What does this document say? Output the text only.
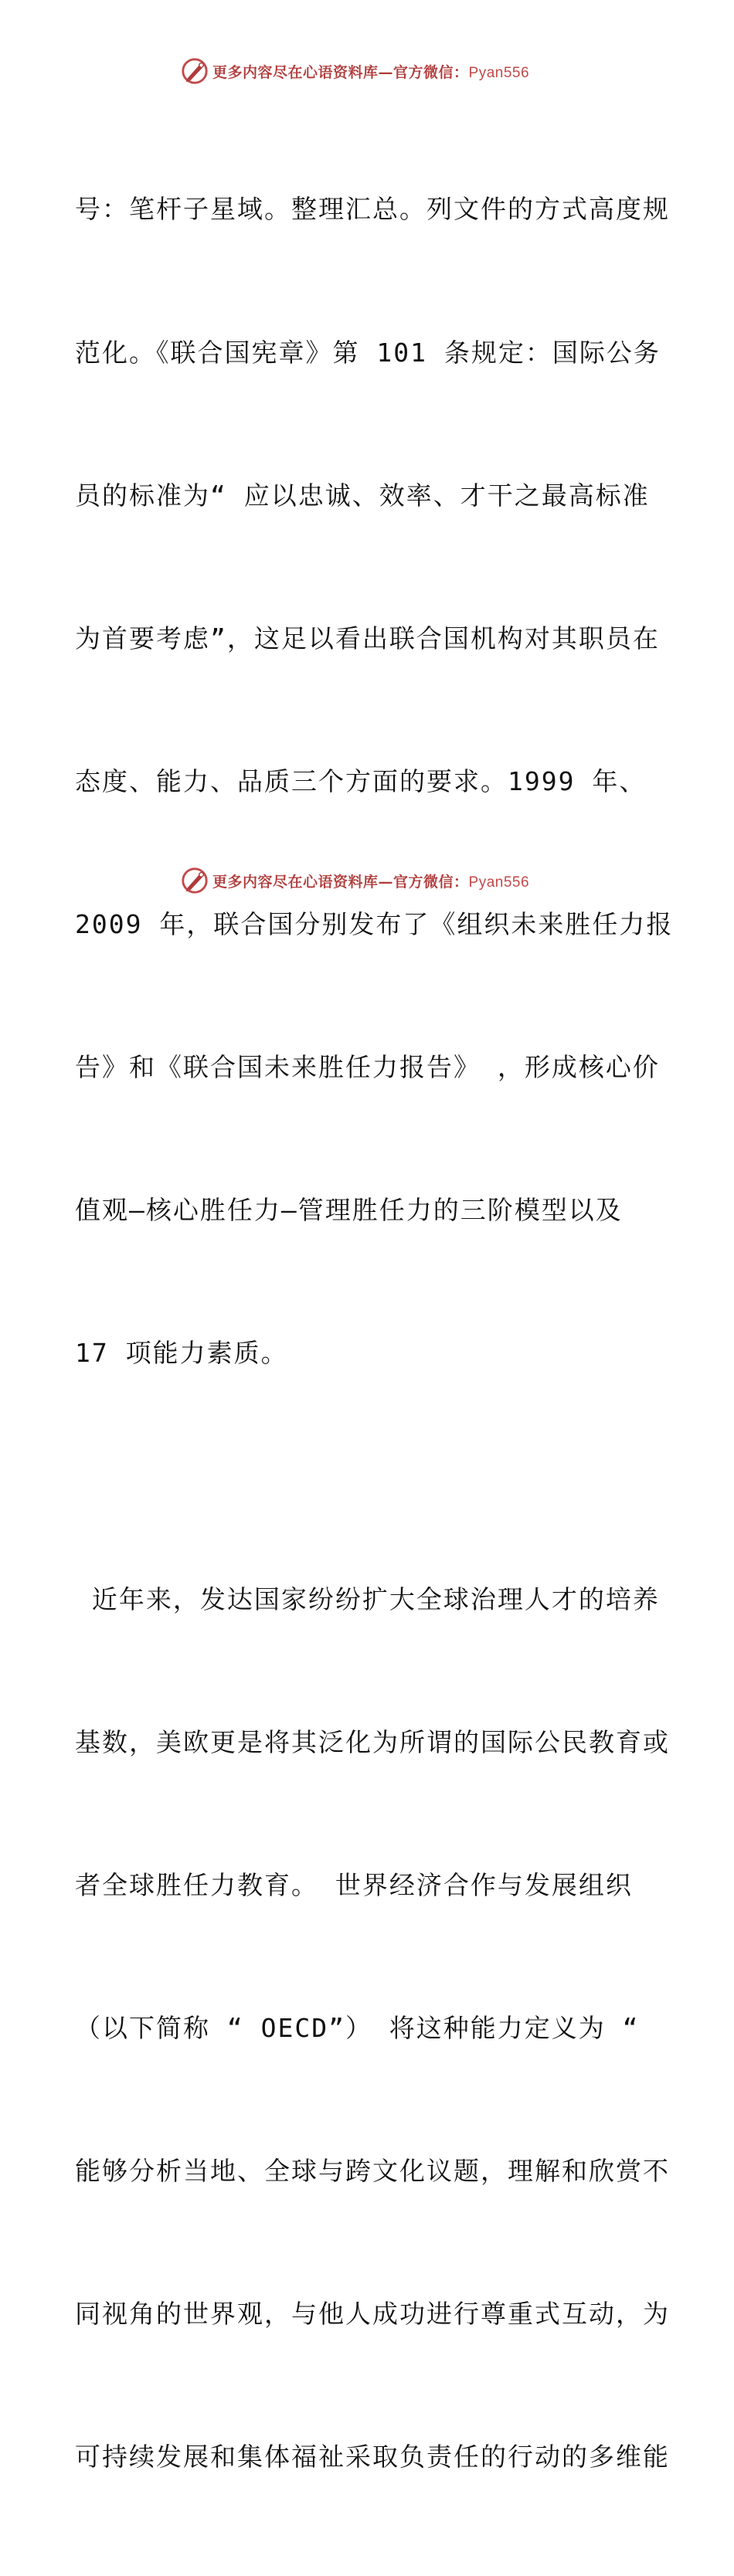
更多内容尽在心语资料库—官方微信：Pyan556

号：笔杆子星域。整理汇总。列文件的方式高度规

范化。《联合国宪章》第 101 条规定：国际公务

员的标准为“ 应以忠诚、效率、才干之最高标准

为首要考虑”，这足以看出联合国机构对其职员在

态度、能力、品质三个方面的要求。1999 年、

2009 年，联合国分别发布了《组织未来胜任力报

告》和《联合国未来胜任力报告》 ，形成核心价

值观—核心胜任力—管理胜任力的三阶模型以及

17 项能力素质。

近年来，发达国家纷纷扩大全球治理人才的培养

基数，美欧更是将其泛化为所谓的国际公民教育或

者全球胜任力教育。 世界经济合作与发展组织

（以下简称 “ OECD”） 将这种能力定义为 “

能够分析当地、全球与跨文化议题，理解和欣赏不

同视角的世界观，与他人成功进行尊重式互动，为

可持续发展和集体福祉采取负责任的行动的多维能

更多内容尽在心语资料库—官方微信：Pyan556
